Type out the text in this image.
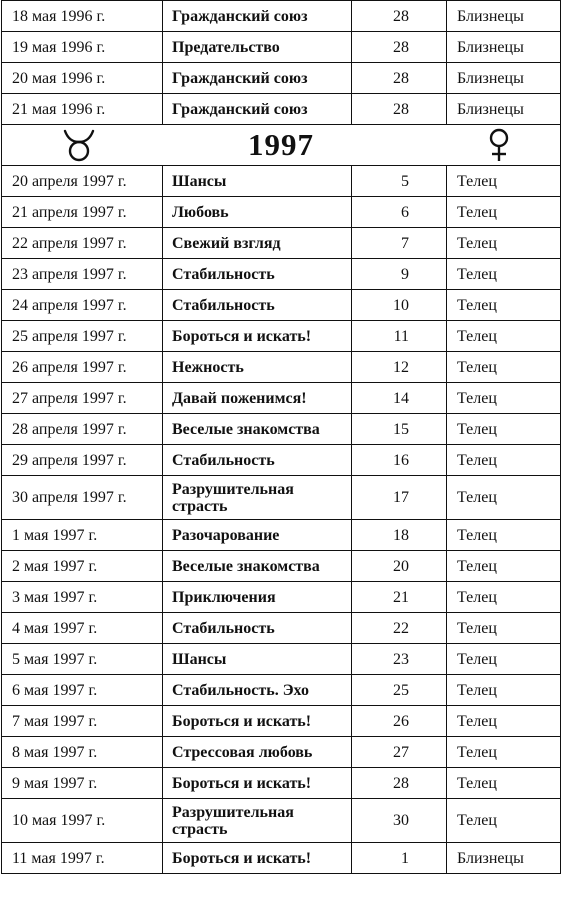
18 мая 1996 г.	Гражданский союз	28	Близнецы
19 мая 1996 г.	Предательство	28	Близнецы
20 мая 1996 г.	Гражданский союз	28	Близнецы
21 мая 1996 г.	Гражданский союз	28	Близнецы

1997			

20 апреля 1997 г.	Шансы	5	Телец
21 апреля 1997 г.	Любовь	6	Телец
22 апреля 1997 г.	Свежий взгляд	7	Телец
23 апреля 1997 г.	Стабильность	9	Телец
24 апреля 1997 г.	Стабильность	10	Телец
25 апреля 1997 г.	Бороться и искать!	11	Телец
26 апреля 1997 г.	Нежность	12	Телец
27 апреля 1997 г.	Давай поженимся!	14	Телец
28 апреля 1997 г.	Веселые знакомства	15	Телец
29 апреля 1997 г.	Стабильность	16	Телец
30 апреля 1997 г.	Разрушительная страсть	17	Телец
1 мая 1997 г.	Разочарование	18	Телец
2 мая 1997 г.	Веселые знакомства	20	Телец
3 мая 1997 г.	Приключения	21	Телец
4 мая 1997 г.	Стабильность	22	Телец
5 мая 1997 г.	Шансы	23	Телец
6 мая 1997 г.	Стабильность. Эхо	25	Телец
7 мая 1997 г.	Бороться и искать!	26	Телец
8 мая 1997 г.	Стрессовая любовь	27	Телец
9 мая 1997 г.	Бороться и искать!	28	Телец
10 мая 1997 г.	Разрушительная страсть	30	Телец
11 мая 1997 г.	Бороться и искать!	1	Близнецы
